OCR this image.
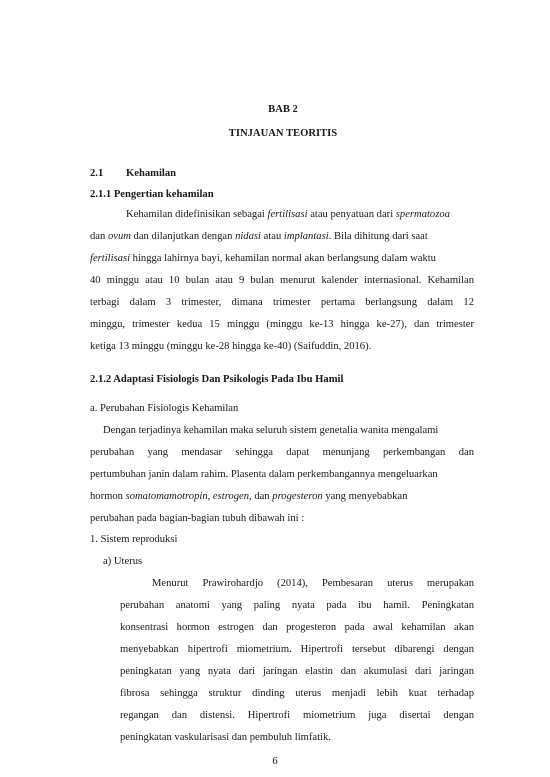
BAB 2
TINJAUAN TEORITIS
2.1 Kehamilan
2.1.1 Pengertian kehamilan
Kehamilan didefinisikan sebagai fertilisasi atau penyatuan dari spermatozoa
dan ovum dan dilanjutkan dengan nidasi atau implantasi. Bila dihitung dari saat
fertilisasi hingga lahirnya bayi, kehamilan normal akan berlangsung dalam waktu
40 minggu atau 10 bulan atau 9 bulan menurut kalender internasional. Kehamilan
terbagi dalam 3 trimester, dimana trimester pertama berlangsung dalam 12
minggu, trimester kedua 15 minggu (minggu ke-13 hingga ke-27), dan trimester
ketiga 13 minggu (minggu ke-28 hingga ke-40) (Saifuddin, 2016).
2.1.2 Adaptasi Fisiologis Dan Psikologis Pada Ibu Hamil
a. Perubahan Fisiologis Kehamilan
Dengan terjadinya kehamilan maka seluruh sistem genetalia wanita mengalami
perubahan yang mendasar sehingga dapat menunjang perkembangan dan
pertumbuhan janin dalam rahim. Plasenta dalam perkembangannya mengeluarkan
hormon somatomamotropin, estrogen, dan progesteron yang menyebabkan
perubahan pada bagian-bagian tubuh dibawah ini :
1. Sistem reproduksi
a) Uterus
Menurut Prawirohardjo (2014), Pembesaran uterus merupakan
perubahan anatomi yang paling nyata pada ibu hamil. Peningkatan
konsentrasi hormon estrogen dan progesteron pada awal kehamilan akan
menyebabkan hipertrofi miometrium. Hipertrofi tersebut dibarengi dengan
peningkatan yang nyata dari jaringan elastin dan akumulasi dari jaringan
fibrosa sehingga struktur dinding uterus menjadi lebih kuat terhadap
regangan dan distensi. Hipertrofi miometrium juga disertai dengan
peningkatan vaskularisasi dan pembuluh limfatik.
6
